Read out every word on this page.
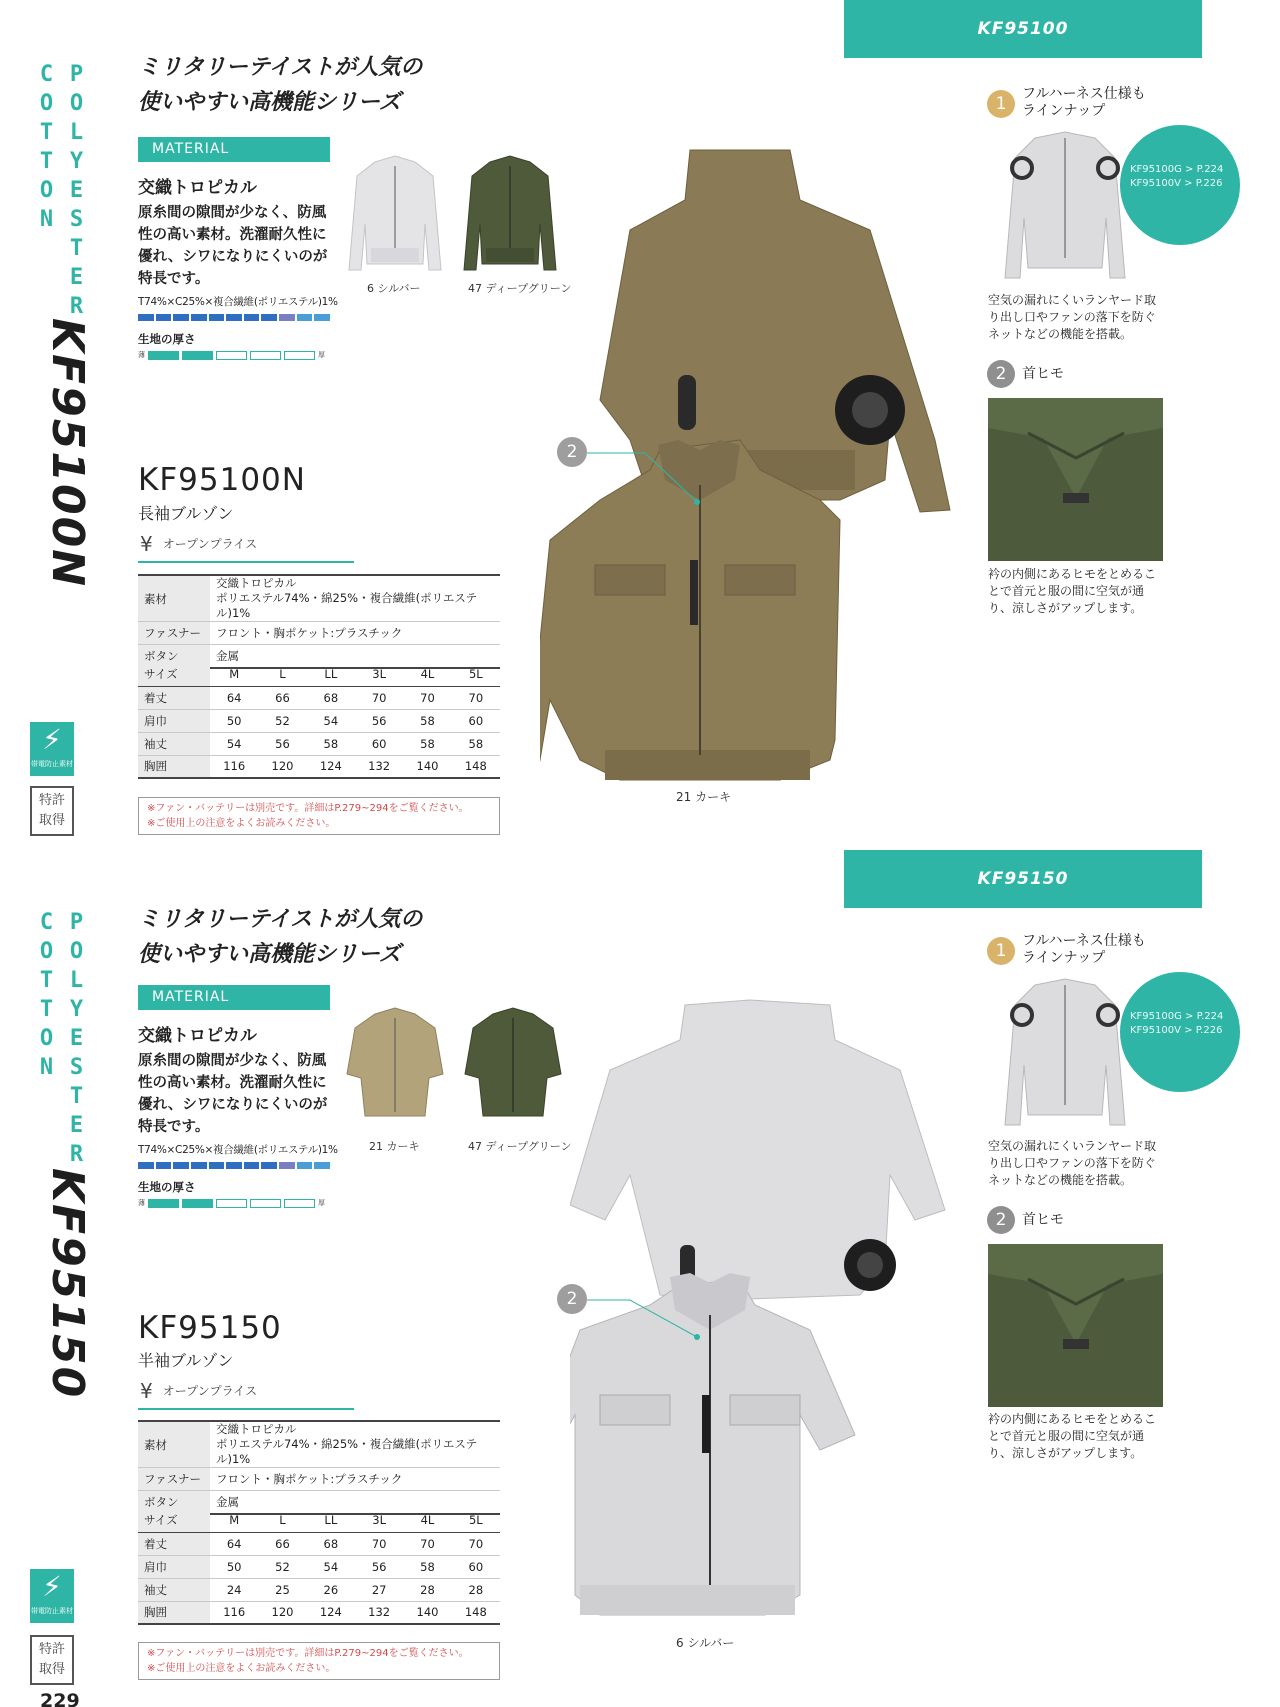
KF95100
POLYESTER
COTTON
KF95100N
⚡
帯電防止素材
特許
取得
ミリタリーテイストが人気の
使いやすい高機能シリーズ
MATERIAL
交織トロピカル
原糸間の隙間が少なく、防風性の高い素材。洗濯耐久性に優れ、シワになりにくいのが特長です。
T74%×C25%×複合繊維(ポリエステル)1%
生地の厚さ
薄	厚
6 シルバー	47 ディープグリーン
KF95100N
長袖ブルゾン
¥ オープンプライス
素材	交織トロピカル
ポリエステル74%・綿25%・複合繊維(ポリエステル)1%

ファスナー	フロント・胸ポケット:プラスチック
ボタン	金属
サイズ	M	L	LL	3L	4L	5L
着丈	64	66	68	70	70	70
肩巾	50	52	54	56	58	60
袖丈	54	56	58	60	58	58
胸囲	116	120	124	132	140	148
※ファン・バッテリーは別売です。詳細はP.279~294をご覧ください。
※ご使用上の注意をよくお読みください。
2
21 カーキ
1	フルハーネス仕様も
ラインナップ
KF95100G > P.224
KF95100V > P.226
空気の漏れにくいランヤード取り出し口やファンの落下を防ぐネットなどの機能を搭載。
2	首ヒモ
衿の内側にあるヒモをとめることで首元と服の間に空気が通り、涼しさがアップします。
KF95150
POLYESTER
COTTON
KF95150
⚡
帯電防止素材
特許
取得
ミリタリーテイストが人気の
使いやすい高機能シリーズ
MATERIAL
交織トロピカル
原糸間の隙間が少なく、防風性の高い素材。洗濯耐久性に優れ、シワになりにくいのが特長です。
T74%×C25%×複合繊維(ポリエステル)1%
生地の厚さ
薄	厚
21 カーキ	47 ディープグリーン
KF95150
半袖ブルゾン
¥ オープンプライス
素材	交織トロピカル
ポリエステル74%・綿25%・複合繊維(ポリエステル)1%

ファスナー	フロント・胸ポケット:プラスチック
ボタン	金属
サイズ	M	L	LL	3L	4L	5L
着丈	64	66	68	70	70	70
肩巾	50	52	54	56	58	60
袖丈	24	25	26	27	28	28
胸囲	116	120	124	132	140	148
※ファン・バッテリーは別売です。詳細はP.279~294をご覧ください。
※ご使用上の注意をよくお読みください。
2
6 シルバー
1	フルハーネス仕様も
ラインナップ
KF95100G > P.224
KF95100V > P.226
空気の漏れにくいランヤード取り出し口やファンの落下を防ぐネットなどの機能を搭載。
2	首ヒモ
衿の内側にあるヒモをとめることで首元と服の間に空気が通り、涼しさがアップします。
229
